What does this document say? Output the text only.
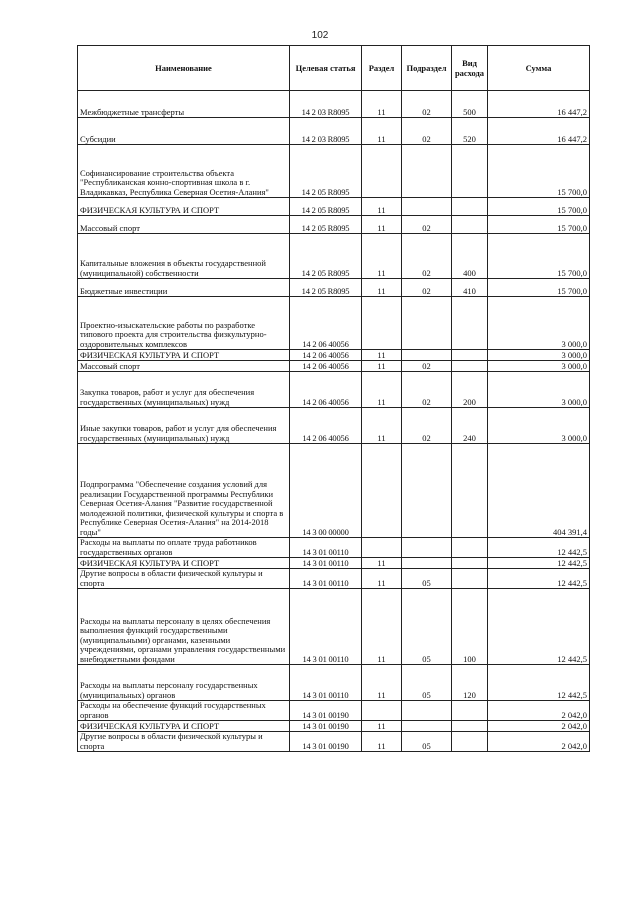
102
Наименование	Целевая статья	Раздел	Подраздел	Вид расхода	Сумма
Межбюджетные трансферты	14 2 03 R8095	11	02	500	16 447,2
Субсидии	14 2 03 R8095	11	02	520	16 447,2
Софинансирование строительства объекта "Республиканская конно-спортивная школа в г. Владикавказ, Республика Северная Осетия-Алания"	14 2 05 R8095				15 700,0
ФИЗИЧЕСКАЯ КУЛЬТУРА И СПОРТ	14 2 05 R8095	11			15 700,0
Массовый спорт	14 2 05 R8095	11	02		15 700,0
Капитальные вложения в объекты государственной (муниципальной) собственности	14 2 05 R8095	11	02	400	15 700,0
Бюджетные инвестиции	14 2 05 R8095	11	02	410	15 700,0
Проектно-изыскательские работы по разработке типового проекта для строительства физкультурно-оздоровительных комплексов	14 2 06 40056				3 000,0
ФИЗИЧЕСКАЯ КУЛЬТУРА И СПОРТ	14 2 06 40056	11			3 000,0
Массовый спорт	14 2 06 40056	11	02		3 000,0
Закупка товаров, работ и услуг для обеспечения государственных (муниципальных) нужд	14 2 06 40056	11	02	200	3 000,0
Иные закупки товаров, работ и услуг для обеспечения государственных (муниципальных) нужд	14 2 06 40056	11	02	240	3 000,0
Подпрограмма "Обеспечение создания условий для реализации Государственной программы Республики Северная Осетия-Алания "Развитие государственной молодежной политики, физической культуры и спорта в Республике Северная Осетия-Алания" на 2014-2018 годы"	14 3 00 00000				404 391,4
Расходы на выплаты по оплате труда работников государственных органов	14 3 01 00110				12 442,5
ФИЗИЧЕСКАЯ КУЛЬТУРА И СПОРТ	14 3 01 00110	11			12 442,5
Другие вопросы в области физической культуры и спорта	14 3 01 00110	11	05		12 442,5
Расходы на выплаты персоналу в целях обеспечения выполнения функций государственными (муниципальными) органами, казенными учреждениями, органами управления государственными внебюджетными фондами	14 3 01 00110	11	05	100	12 442,5
Расходы на выплаты персоналу государственных (муниципальных) органов	14 3 01 00110	11	05	120	12 442,5
Расходы на обеспечение функций государственных органов	14 3 01 00190				2 042,0
ФИЗИЧЕСКАЯ КУЛЬТУРА И СПОРТ	14 3 01 00190	11			2 042,0
Другие вопросы в области физической культуры и спорта	14 3 01 00190	11	05		2 042,0
